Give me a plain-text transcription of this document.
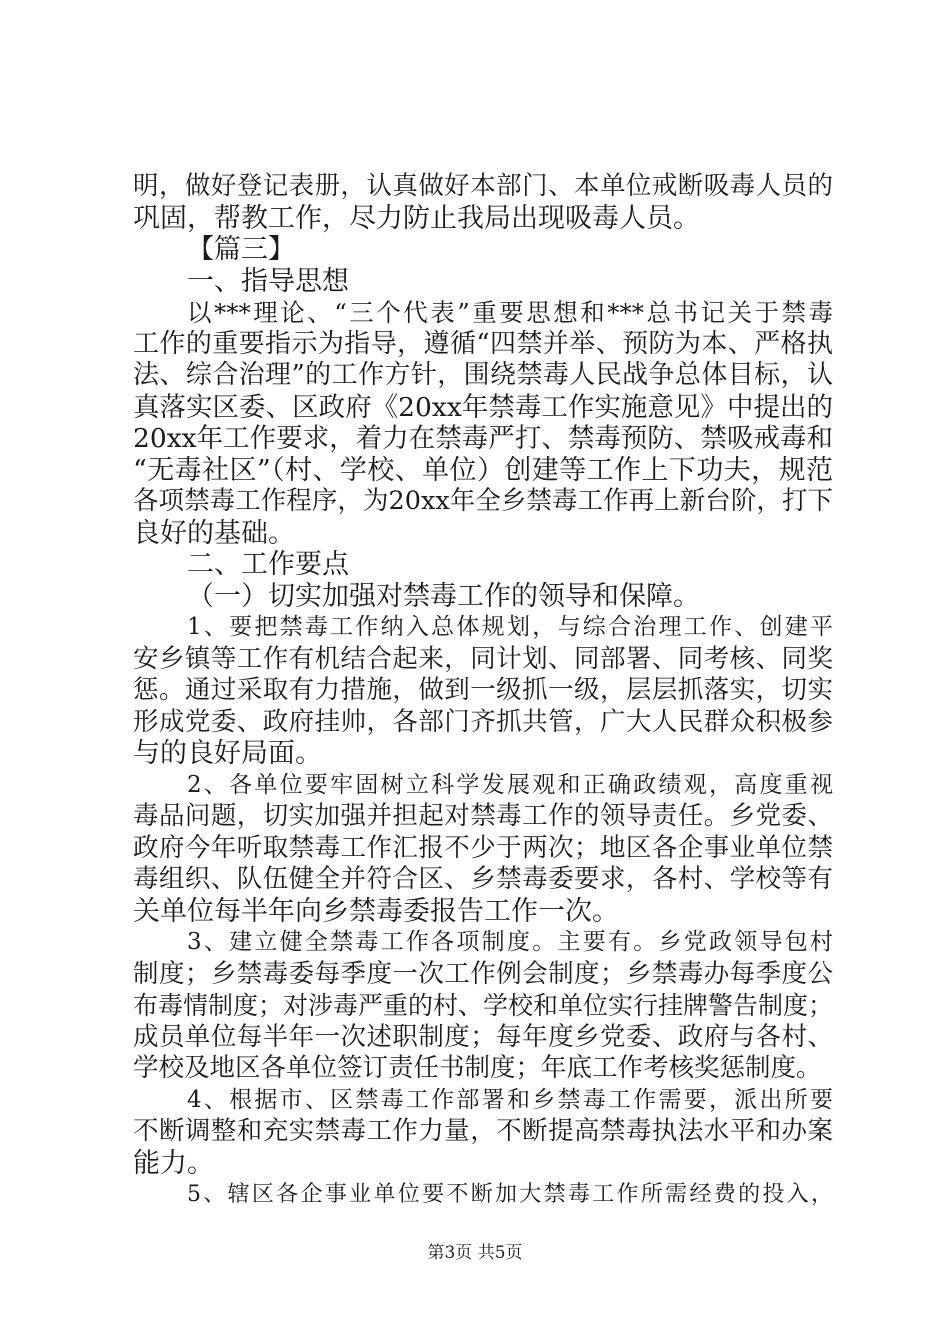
明，做好登记表册，认真做好本部门、本单位戒断吸毒人员的
巩固，帮教工作，尽力防止我局出现吸毒人员。
【篇三】
一、指导思想
以***理论、“三个代表”重要思想和***总书记关于禁毒
工作的重要指示为指导，遵循“四禁并举、预防为本、严格执
法、综合治理”的工作方针，围绕禁毒人民战争总体目标，认
真落实区委、区政府《20xx年禁毒工作实施意见》中提出的
20xx年工作要求，着力在禁毒严打、禁毒预防、禁吸戒毒和
“无毒社区”（村、学校、单位）创建等工作上下功夫，规范
各项禁毒工作程序，为20xx年全乡禁毒工作再上新台阶，打下
良好的基础。
二、工作要点
（一）切实加强对禁毒工作的领导和保障。
1、要把禁毒工作纳入总体规划，与综合治理工作、创建平
安乡镇等工作有机结合起来，同计划、同部署、同考核、同奖
惩。通过采取有力措施，做到一级抓一级，层层抓落实，切实
形成党委、政府挂帅，各部门齐抓共管，广大人民群众积极参
与的良好局面。
2、各单位要牢固树立科学发展观和正确政绩观，高度重视
毒品问题，切实加强并担起对禁毒工作的领导责任。乡党委、
政府今年听取禁毒工作汇报不少于两次；地区各企事业单位禁
毒组织、队伍健全并符合区、乡禁毒委要求，各村、学校等有
关单位每半年向乡禁毒委报告工作一次。
3、建立健全禁毒工作各项制度。主要有。乡党政领导包村
制度；乡禁毒委每季度一次工作例会制度；乡禁毒办每季度公
布毒情制度；对涉毒严重的村、学校和单位实行挂牌警告制度；
成员单位每半年一次述职制度；每年度乡党委、政府与各村、
学校及地区各单位签订责任书制度；年底工作考核奖惩制度。
4、根据市、区禁毒工作部署和乡禁毒工作需要，派出所要
不断调整和充实禁毒工作力量，不断提高禁毒执法水平和办案
能力。
5、辖区各企事业单位要不断加大禁毒工作所需经费的投入，
第3页 共5页
